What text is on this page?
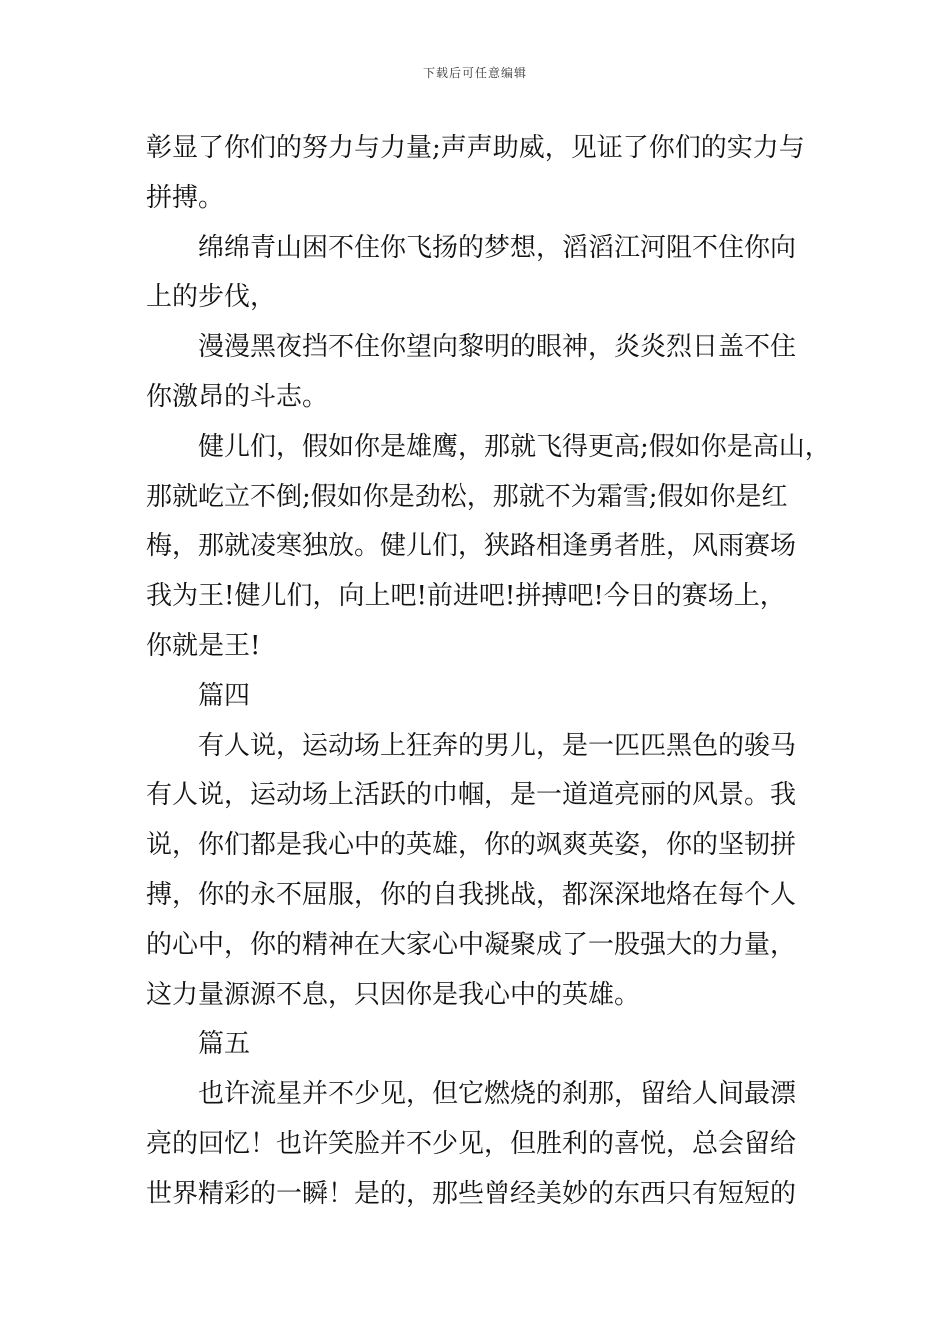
下载后可任意编辑
彰显了你们的努力与力量;声声助威，见证了你们的实力与
拼搏。
绵绵青山困不住你飞扬的梦想，滔滔江河阻不住你向
上的步伐，
漫漫黑夜挡不住你望向黎明的眼神，炎炎烈日盖不住
你激昂的斗志。
健儿们，假如你是雄鹰，那就飞得更高;假如你是高山，
那就屹立不倒;假如你是劲松，那就不为霜雪;假如你是红
梅，那就凌寒独放。健儿们，狭路相逢勇者胜，风雨赛场
我为王!健儿们，向上吧!前进吧!拼搏吧!今日的赛场上，
你就是王!
篇四
有人说，运动场上狂奔的男儿，是一匹匹黑色的骏马
有人说，运动场上活跃的巾帼，是一道道亮丽的风景。我
说，你们都是我心中的英雄，你的飒爽英姿，你的坚韧拼
搏，你的永不屈服，你的自我挑战，都深深地烙在每个人
的心中，你的精神在大家心中凝聚成了一股强大的力量，
这力量源源不息，只因你是我心中的英雄。
篇五
也许流星并不少见，但它燃烧的刹那，留给人间最漂
亮的回忆！也许笑脸并不少见，但胜利的喜悦，总会留给
世界精彩的一瞬！是的，那些曾经美妙的东西只有短短的
